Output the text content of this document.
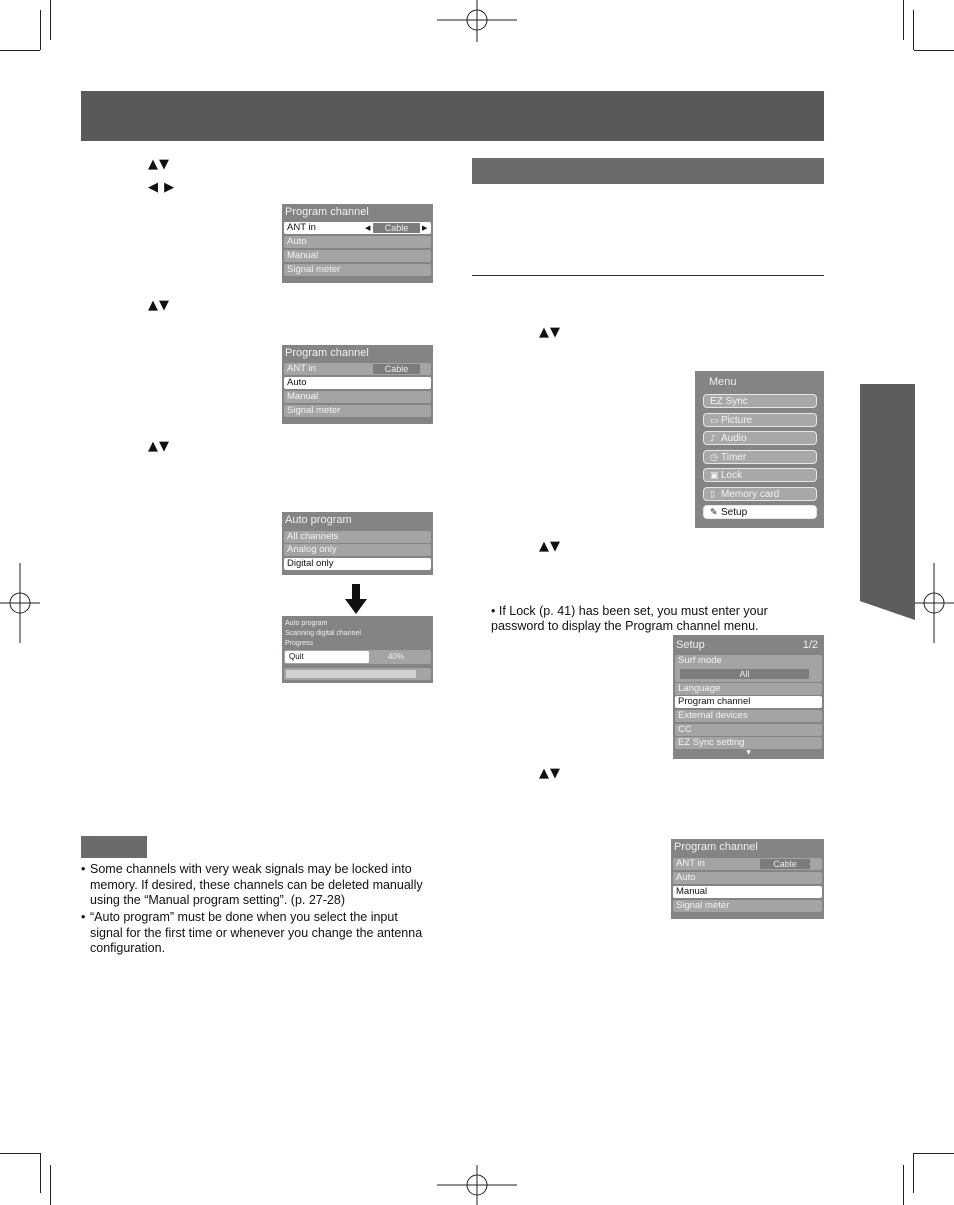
▲▼
◀ ▶
▲▼
▲▼
▲▼
▲▼
▲▼
Program channel
ANT in	◀	Cable	▶
Auto
Manual
Signal meter
Program channel
ANT in	Cable
Auto
Manual
Signal meter
Auto program
All channels
Analog only
Digital only
Auto program
Scanning digital channel
Progress
Quit	40%
• Some channels with very weak signals may be locked into memory. If desired, these channels can be deleted manually using the “Manual program setting”. (p. 27-28)
• “Auto program” must be done when you select the input signal for the first time or whenever you change the antenna configuration.
Menu
EZ Sync
▭ Picture
♪ Audio
◷ Timer
▣ Lock
▯ Memory card
✎ Setup
• If Lock (p. 41) has been set, you must enter your password to display the Program channel menu.
Setup	1/2
Surf mode
All
Language
Program channel
External devices
CC
EZ Sync setting
▼
Program channel
ANT in	Cable
Auto
Manual
Signal meter
